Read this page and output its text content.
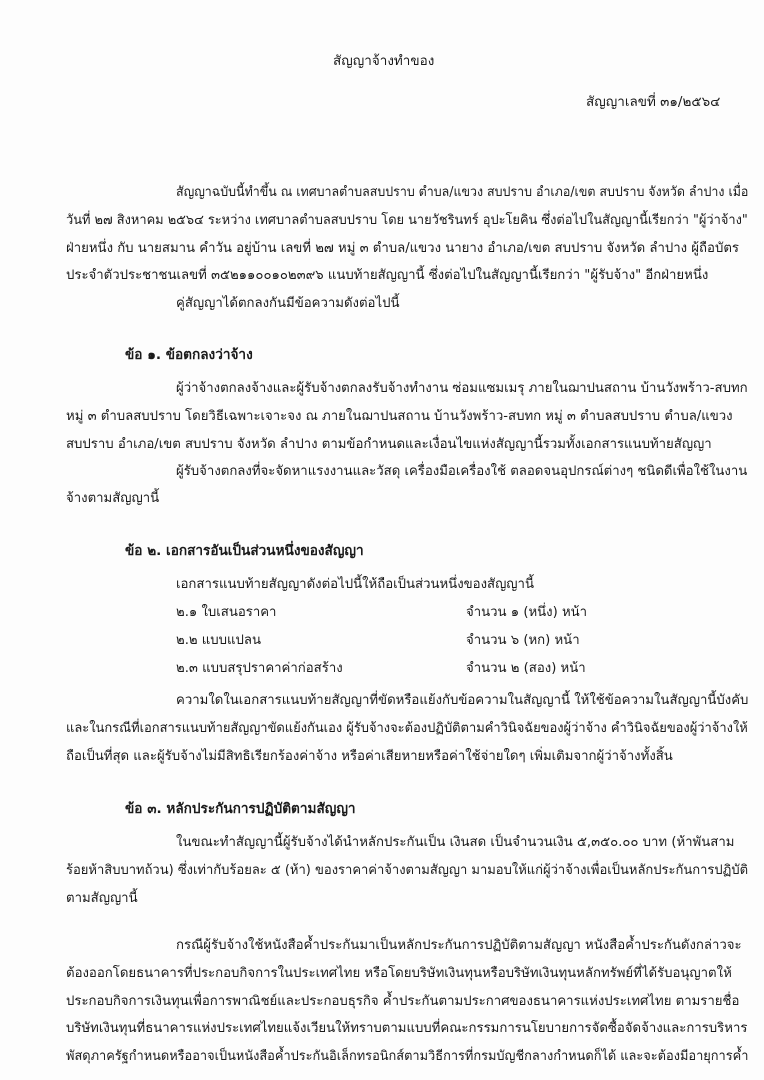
สัญญาจ้างทำของ
สัญญาเลขที่ ๓๑/๒๕๖๔
สัญญาฉบับนี้ทำขึ้น ณ เทศบาลตำบลสบปราบ ตำบล/แขวง สบปราบ อำเภอ/เขต สบปราบ จังหวัด ลำปาง เมื่อ
วันที่ ๒๗ สิงหาคม ๒๕๖๔ ระหว่าง เทศบาลตำบลสบปราบ โดย นายวัชรินทร์ อุปะโยคิน ซึ่งต่อไปในสัญญานี้เรียกว่า "ผู้ว่าจ้าง"
ฝ่ายหนึ่ง กับ นายสมาน คำวัน อยู่บ้าน เลขที่ ๒๗ หมู่ ๓ ตำบล/แขวง นายาง อำเภอ/เขต สบปราบ จังหวัด ลำปาง ผู้ถือบัตร
ประจำตัวประชาชนเลขที่ ๓๕๒๑๑๐๐๑๐๒๓๙๖ แนบท้ายสัญญานี้ ซึ่งต่อไปในสัญญานี้เรียกว่า "ผู้รับจ้าง" อีกฝ่ายหนึ่ง
คู่สัญญาได้ตกลงกันมีข้อความดังต่อไปนี้
ข้อ ๑. ข้อตกลงว่าจ้าง
ผู้ว่าจ้างตกลงจ้างและผู้รับจ้างตกลงรับจ้างทำงาน ซ่อมแซมเมรุ ภายในฌาปนสถาน บ้านวังพร้าว-สบทก
หมู่ ๓ ตำบลสบปราบ โดยวิธีเฉพาะเจาะจง ณ ภายในฌาปนสถาน บ้านวังพร้าว-สบทก หมู่ ๓ ตำบลสบปราบ ตำบล/แขวง
สบปราบ อำเภอ/เขต สบปราบ จังหวัด ลำปาง ตามข้อกำหนดและเงื่อนไขแห่งสัญญานี้รวมทั้งเอกสารแนบท้ายสัญญา
ผู้รับจ้างตกลงที่จะจัดหาแรงงานและวัสดุ เครื่องมือเครื่องใช้ ตลอดจนอุปกรณ์ต่างๆ ชนิดดีเพื่อใช้ในงาน
จ้างตามสัญญานี้
ข้อ ๒. เอกสารอันเป็นส่วนหนึ่งของสัญญา
เอกสารแนบท้ายสัญญาดังต่อไปนี้ให้ถือเป็นส่วนหนึ่งของสัญญานี้
๒.๑ ใบเสนอราคา	จำนวน ๑ (หนึ่ง) หน้า
๒.๒ แบบแปลน	จำนวน ๖ (หก) หน้า
๒.๓ แบบสรุปราคาค่าก่อสร้าง	จำนวน ๒ (สอง) หน้า
ความใดในเอกสารแนบท้ายสัญญาที่ขัดหรือแย้งกับข้อความในสัญญานี้ ให้ใช้ข้อความในสัญญานี้บังคับ
และในกรณีที่เอกสารแนบท้ายสัญญาขัดแย้งกันเอง ผู้รับจ้างจะต้องปฏิบัติตามคำวินิจฉัยของผู้ว่าจ้าง คำวินิจฉัยของผู้ว่าจ้างให้
ถือเป็นที่สุด และผู้รับจ้างไม่มีสิทธิเรียกร้องค่าจ้าง หรือค่าเสียหายหรือค่าใช้จ่ายใดๆ เพิ่มเติมจากผู้ว่าจ้างทั้งสิ้น
ข้อ ๓. หลักประกันการปฏิบัติตามสัญญา
ในขณะทำสัญญานี้ผู้รับจ้างได้นำหลักประกันเป็น เงินสด เป็นจำนวนเงิน ๕,๓๕๐.๐๐ บาท (ห้าพันสาม
ร้อยห้าสิบบาทถ้วน) ซึ่งเท่ากับร้อยละ ๕ (ห้า) ของราคาค่าจ้างตามสัญญา มามอบให้แก่ผู้ว่าจ้างเพื่อเป็นหลักประกันการปฏิบัติ
ตามสัญญานี้
กรณีผู้รับจ้างใช้หนังสือค้ำประกันมาเป็นหลักประกันการปฏิบัติตามสัญญา หนังสือค้ำประกันดังกล่าวจะ
ต้องออกโดยธนาคารที่ประกอบกิจการในประเทศไทย หรือโดยบริษัทเงินทุนหรือบริษัทเงินทุนหลักทรัพย์ที่ได้รับอนุญาตให้
ประกอบกิจการเงินทุนเพื่อการพาณิชย์และประกอบธุรกิจ ค้ำประกันตามประกาศของธนาคารแห่งประเทศไทย ตามรายชื่อ
บริษัทเงินทุนที่ธนาคารแห่งประเทศไทยแจ้งเวียนให้ทราบตามแบบที่คณะกรรมการนโยบายการจัดซื้อจัดจ้างและการบริหาร
พัสดุภาครัฐกำหนดหรืออาจเป็นหนังสือค้ำประกันอิเล็กทรอนิกส์ตามวิธีการที่กรมบัญชีกลางกำหนดก็ได้ และจะต้องมีอายุการค้ำ
